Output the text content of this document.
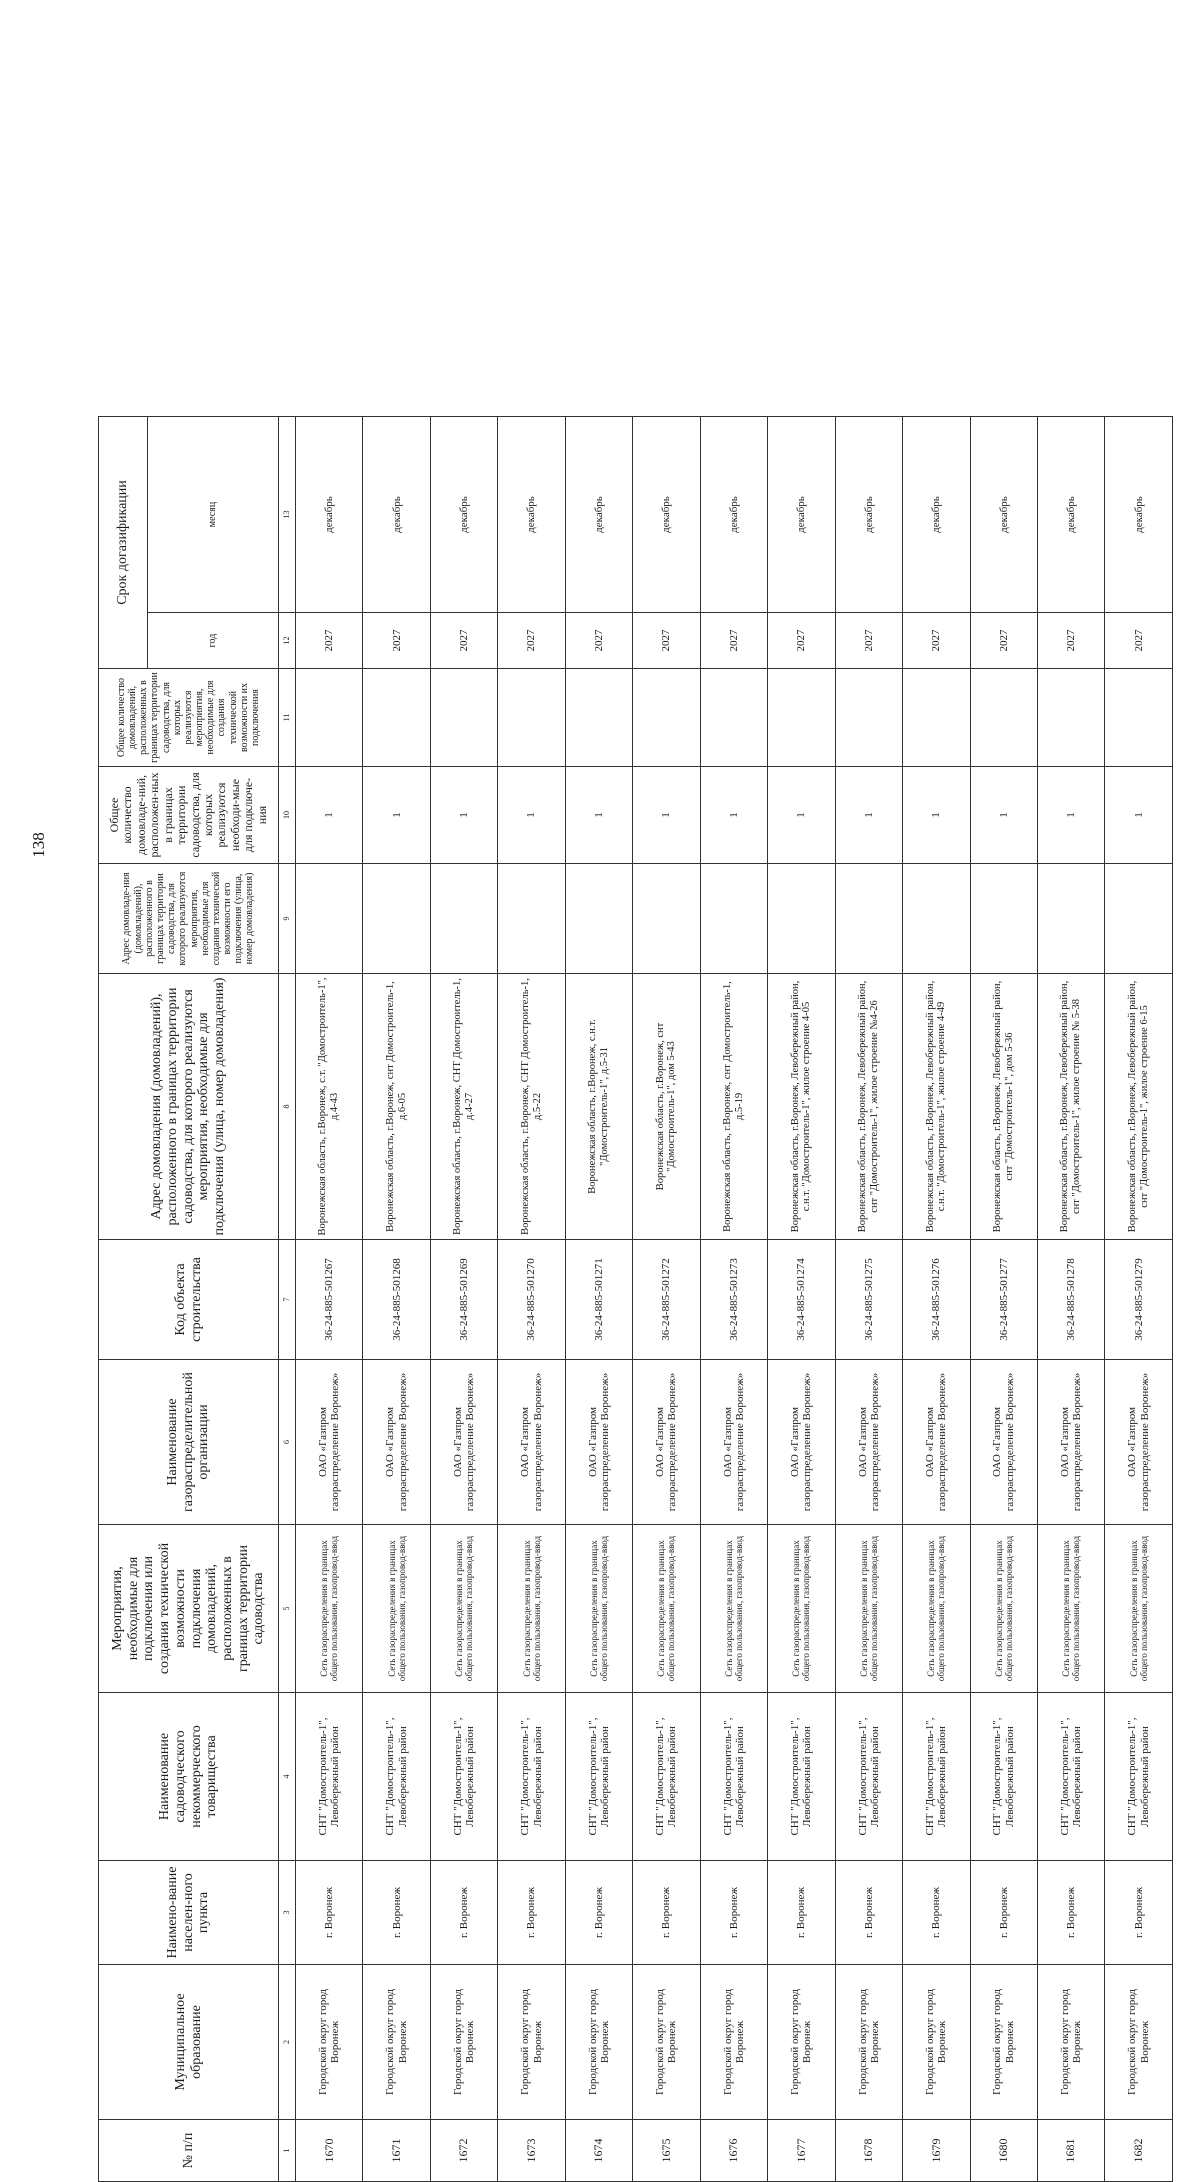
138
№ п/п	Муниципальное образование	Наимено-вание населен-ного пункта	Наименование садоводческого некоммерческого товарищества	Мероприятия, необходимые для подключения или создания технической возможности подключения домовладений, расположенных в границах территории садоводства	Наименование газораспределительной организации	Код объекта строительства	Адрес домовладения (домовладений), расположенного в границах территории садоводства, для которого реализуются мероприятия, необходимые для подключения (улица, номер домовладения)	Адрес домовладе-ния (домовладений), расположенного в границах территории садоводства, для которого реализуются мероприятия, необходимые для создания технической возможности его подключения (улица, номер домовладения)	Общее количество домовладе-ний, расположен-ных в границах территории садоводства, для которых реализуются необходи-мые для подключе-ния	Общее количество домовладений, расположенных в границах территории садоводства, для которых реализуются мероприятия, необходимые для создания технической возможности их подключения	Срок догазификации	
											год	месяц
1	2	3	4	5	6	7	8	9	10	11	12	13
1670	Городской округ город Воронеж	г. Воронеж	СНТ "Домостроитель-1", Левобережный район	Сеть газораспределения в границах общего пользования, газопровод-ввод	ОАО «Газпром газораспределение Воронеж»	36-24-885-501267	Воронежская область, г.Воронеж, с.т. "Домостроитель-1", д.4-43		1		2027	декабрь
1671	Городской округ город Воронеж	г. Воронеж	СНТ "Домостроитель-1", Левобережный район	Сеть газораспределения в границах общего пользования, газопровод-ввод	ОАО «Газпром газораспределение Воронеж»	36-24-885-501268	Воронежская область, г.Воронеж, снт Домостроитель-1, д.6-05		1		2027	декабрь
1672	Городской округ город Воронеж	г. Воронеж	СНТ "Домостроитель-1", Левобережный район	Сеть газораспределения в границах общего пользования, газопровод-ввод	ОАО «Газпром газораспределение Воронеж»	36-24-885-501269	Воронежская область, г.Воронеж, СНТ Домостроитель-1, д.4-27		1		2027	декабрь
1673	Городской округ город Воронеж	г. Воронеж	СНТ "Домостроитель-1", Левобережный район	Сеть газораспределения в границах общего пользования, газопровод-ввод	ОАО «Газпром газораспределение Воронеж»	36-24-885-501270	Воронежская область, г.Воронеж, СНТ Домостроитель-1, д.5-22		1		2027	декабрь
1674	Городской округ город Воронеж	г. Воронеж	СНТ "Домостроитель-1", Левобережный район	Сеть газораспределения в границах общего пользования, газопровод-ввод	ОАО «Газпром газораспределение Воронеж»	36-24-885-501271	Воронежская область, г.Воронеж, с.н.т. "Домостроитель-1", д.5-31		1		2027	декабрь
1675	Городской округ город Воронеж	г. Воронеж	СНТ "Домостроитель-1", Левобережный район	Сеть газораспределения в границах общего пользования, газопровод-ввод	ОАО «Газпром газораспределение Воронеж»	36-24-885-501272	Воронежская область, г.Воронеж, снт "Домостроитель-1", дом 5-43		1		2027	декабрь
1676	Городской округ город Воронеж	г. Воронеж	СНТ "Домостроитель-1", Левобережный район	Сеть газораспределения в границах общего пользования, газопровод-ввод	ОАО «Газпром газораспределение Воронеж»	36-24-885-501273	Воронежская область, г.Воронеж, снт Домостроитель-1, д.5-19		1		2027	декабрь
1677	Городской округ город Воронеж	г. Воронеж	СНТ "Домостроитель-1", Левобережный район	Сеть газораспределения в границах общего пользования, газопровод-ввод	ОАО «Газпром газораспределение Воронеж»	36-24-885-501274	Воронежская область, г.Воронеж, Левобережный район, с.н.т. "Домостроитель-1", жилое строение 4-05		1		2027	декабрь
1678	Городской округ город Воронеж	г. Воронеж	СНТ "Домостроитель-1", Левобережный район	Сеть газораспределения в границах общего пользования, газопровод-ввод	ОАО «Газпром газораспределение Воронеж»	36-24-885-501275	Воронежская область, г.Воронеж, Левобережный район, снт "Домостроитель-1", жилое строение №4-26		1		2027	декабрь
1679	Городской округ город Воронеж	г. Воронеж	СНТ "Домостроитель-1", Левобережный район	Сеть газораспределения в границах общего пользования, газопровод-ввод	ОАО «Газпром газораспределение Воронеж»	36-24-885-501276	Воронежская область, г.Воронеж, Левобережный район, с.н.т. "Домостроитель-1", жилое строение 4-49		1		2027	декабрь
1680	Городской округ город Воронеж	г. Воронеж	СНТ "Домостроитель-1", Левобережный район	Сеть газораспределения в границах общего пользования, газопровод-ввод	ОАО «Газпром газораспределение Воронеж»	36-24-885-501277	Воронежская область, г.Воронеж, Левобережный район, снт "Домостроитель-1", дом 5-36		1		2027	декабрь
1681	Городской округ город Воронеж	г. Воронеж	СНТ "Домостроитель-1", Левобережный район	Сеть газораспределения в границах общего пользования, газопровод-ввод	ОАО «Газпром газораспределение Воронеж»	36-24-885-501278	Воронежская область, г.Воронеж, Левобережный район, снт "Домостроитель-1", жилое строение № 5-38		1		2027	декабрь
1682	Городской округ город Воронеж	г. Воронеж	СНТ "Домостроитель-1", Левобережный район	Сеть газораспределения в границах общего пользования, газопровод-ввод	ОАО «Газпром газораспределение Воронеж»	36-24-885-501279	Воронежская область, г.Воронеж, Левобережный район, снт "Домостроитель-1", жилое строение 6-15		1		2027	декабрь
